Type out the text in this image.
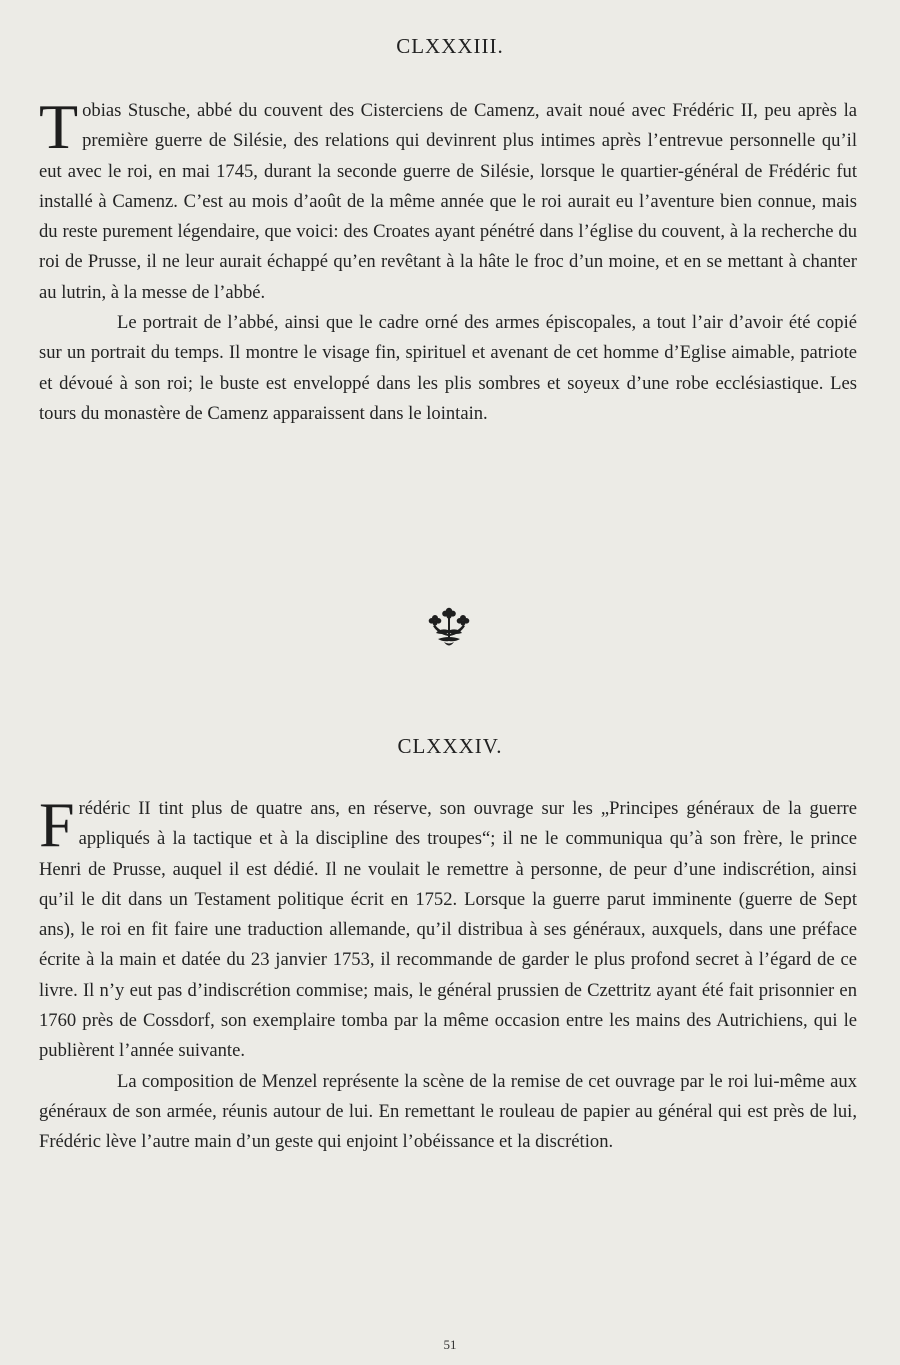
CLXXXIII.

Tobias Stusche, abbé du couvent des Cisterciens de Camenz, avait noué avec Frédéric II, peu après la première guerre de Silésie, des relations qui devinrent plus intimes après l’entrevue personnelle qu’il eut avec le roi, en mai 1745, durant la seconde guerre de Silésie, lorsque le quartier-général de Frédéric fut installé à Camenz. C’est au mois d’août de la même année que le roi aurait eu l’aventure bien connue, mais du reste purement légendaire, que voici: des Croates ayant pénétré dans l’église du couvent, à la recherche du roi de Prusse, il ne leur aurait échappé qu’en revêtant à la hâte le froc d’un moine, et en se mettant à chanter au lutrin, à la messe de l’abbé.

Le portrait de l’abbé, ainsi que le cadre orné des armes épiscopales, a tout l’air d’avoir été copié sur un portrait du temps. Il montre le visage fin, spirituel et avenant de cet homme d’Eglise aimable, patriote et dévoué à son roi; le buste est enveloppé dans les plis sombres et soyeux d’une robe ecclésiastique. Les tours du monastère de Camenz apparaissent dans le lointain.

CLXXXIV.

Frédéric II tint plus de quatre ans, en réserve, son ouvrage sur les „Principes généraux de la guerre appliqués à la tactique et à la discipline des troupes“; il ne le communiqua qu’à son frère, le prince Henri de Prusse, auquel il est dédié. Il ne voulait le remettre à personne, de peur d’une indiscrétion, ainsi qu’il le dit dans un Testament politique écrit en 1752. Lorsque la guerre parut imminente (guerre de Sept ans), le roi en fit faire une traduction allemande, qu’il distribua à ses généraux, auxquels, dans une préface écrite à la main et datée du 23 janvier 1753, il recommande de garder le plus profond secret à l’égard de ce livre. Il n’y eut pas d’indiscrétion commise; mais, le général prussien de Czettritz ayant été fait prisonnier en 1760 près de Cossdorf, son exemplaire tomba par la même occasion entre les mains des Autrichiens, qui le publièrent l’année suivante.

La composition de Menzel représente la scène de la remise de cet ouvrage par le roi lui-même aux généraux de son armée, réunis autour de lui. En remettant le rouleau de papier au général qui est près de lui, Frédéric lève l’autre main d’un geste qui enjoint l’obéissance et la discrétion.

51
